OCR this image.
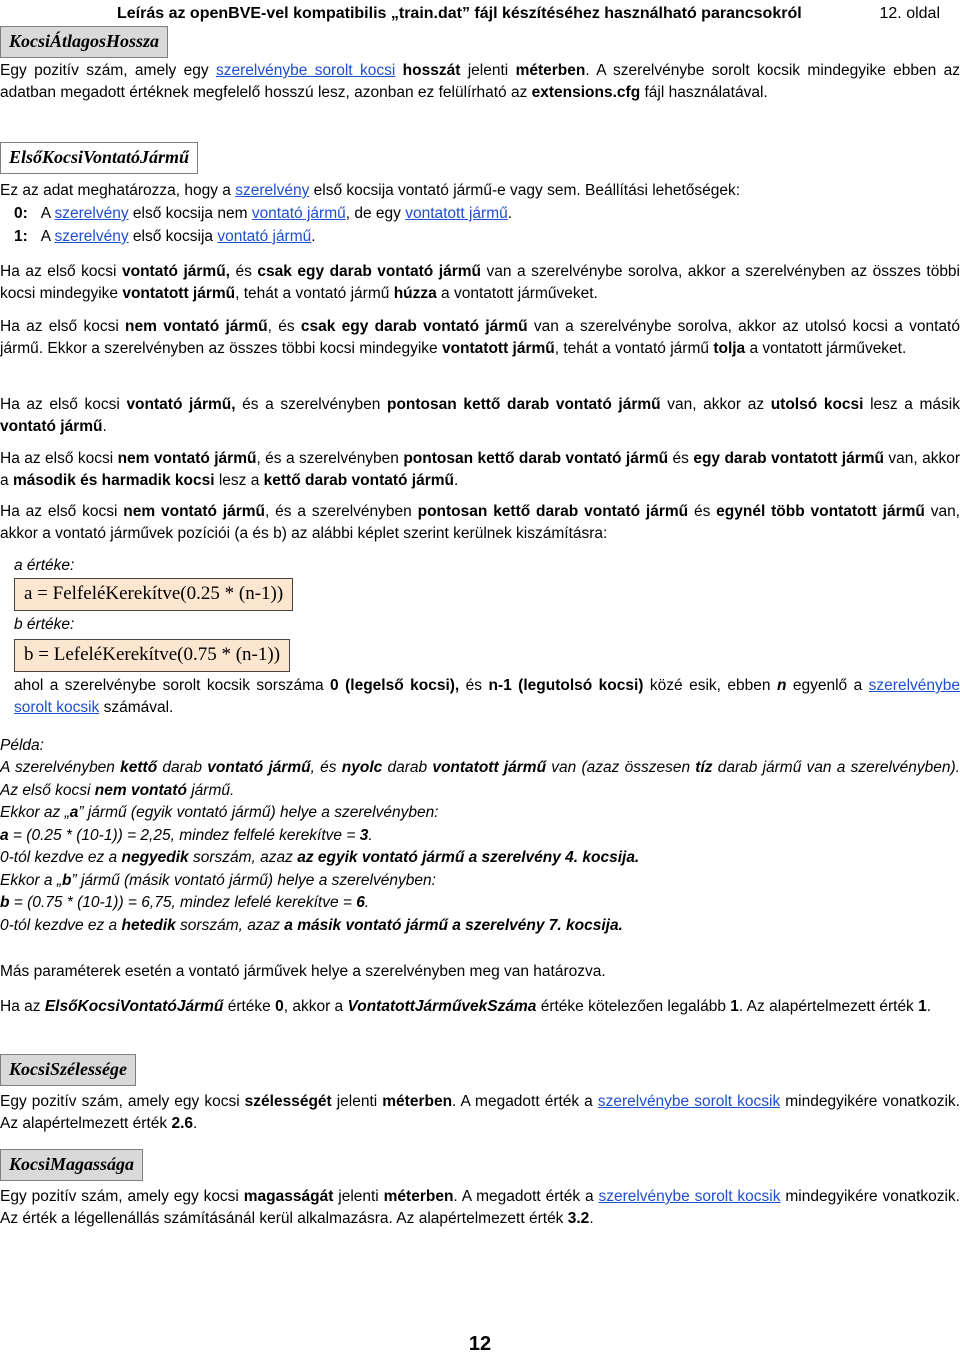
Leírás az openBVE-vel kompatibilis „train.dat” fájl készítéséhez használható parancsokról	12. oldal
KocsiÁtlagosHossza

Egy pozitív szám, amely egy szerelvénybe sorolt kocsi hosszát jelenti méterben. A szerelvénybe sorolt kocsik mindegyike ebben az adatban megadott értéknek megfelelő hosszú lesz, azonban ez felülírható az extensions.cfg fájl használatával.

ElsőKocsiVontatóJármű

Ez az adat meghatározza, hogy a szerelvény első kocsija vontató jármű-e vagy sem. Beállítási lehetőségek:

0: A szerelvény első kocsija nem vontató jármű, de egy vontatott jármű.

1: A szerelvény első kocsija vontató jármű.

Ha az első kocsi vontató jármű, és csak egy darab vontató jármű van a szerelvénybe sorolva, akkor a szerelvényben az összes többi kocsi mindegyike vontatott jármű, tehát a vontató jármű húzza a vontatott járműveket.

Ha az első kocsi nem vontató jármű, és csak egy darab vontató jármű van a szerelvénybe sorolva, akkor az utolsó kocsi a vontató jármű. Ekkor a szerelvényben az összes többi kocsi mindegyike vontatott jármű, tehát a vontató jármű tolja a vontatott járműveket.

Ha az első kocsi vontató jármű, és a szerelvényben pontosan kettő darab vontató jármű van, akkor az utolsó kocsi lesz a másik vontató jármű.

Ha az első kocsi nem vontató jármű, és a szerelvényben pontosan kettő darab vontató jármű és egy darab vontatott jármű van, akkor a második és harmadik kocsi lesz a kettő darab vontató jármű.

Ha az első kocsi nem vontató jármű, és a szerelvényben pontosan kettő darab vontató jármű és egynél több vontatott jármű van, akkor a vontató járművek pozíciói (a és b) az alábbi képlet szerint kerülnek kiszámításra:

a értéke:
a = FelfeléKerekítve(0.25 * (n-1))
b értéke:
b = LefeléKerekítve(0.75 * (n-1))

ahol a szerelvénybe sorolt kocsik sorszáma 0 (legelső kocsi), és n-1 (legutolsó kocsi) közé esik, ebben n egyenlő a szerelvénybe sorolt kocsik számával.

Példa:

A szerelvényben kettő darab vontató jármű, és nyolc darab vontatott jármű van (azaz összesen tíz darab jármű van a szerelvényben). Az első kocsi nem vontató jármű.

Ekkor az „a” jármű (egyik vontató jármű) helye a szerelvényben:

a = (0.25 * (10-1)) = 2,25, mindez felfelé kerekítve = 3.

0-tól kezdve ez a negyedik sorszám, azaz az egyik vontató jármű a szerelvény 4. kocsija.

Ekkor a „b” jármű (másik vontató jármű) helye a szerelvényben:

b = (0.75 * (10-1)) = 6,75, mindez lefelé kerekítve = 6.

0-tól kezdve ez a hetedik sorszám, azaz a másik vontató jármű a szerelvény 7. kocsija.

Más paraméterek esetén a vontató járművek helye a szerelvényben meg van határozva.

Ha az ElsőKocsiVontatóJármű értéke 0, akkor a VontatottJárművekSzáma értéke kötelezően legalább 1. Az alapértelmezett érték 1.

KocsiSzélessége

Egy pozitív szám, amely egy kocsi szélességét jelenti méterben. A megadott érték a szerelvénybe sorolt kocsik mindegyikére vonatkozik. Az alapértelmezett érték 2.6.

KocsiMagassága

Egy pozitív szám, amely egy kocsi magasságát jelenti méterben. A megadott érték a szerelvénybe sorolt kocsik mindegyikére vonatkozik. Az érték a légellenállás számításánál kerül alkalmazásra. Az alapértelmezett érték 3.2.

12
